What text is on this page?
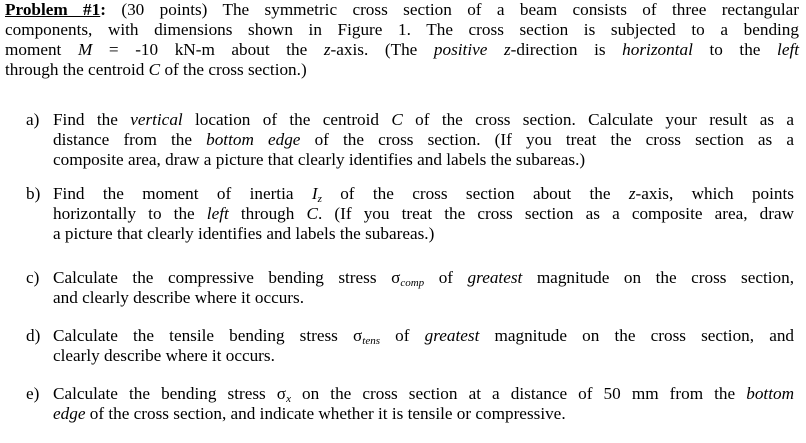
Problem #1: (30 points) The symmetric cross section of a beam consists of three rectangular
components, with dimensions shown in Figure 1. The cross section is subjected to a bending
moment M = -10 kN-m about the z-axis. (The positive z-direction is horizontal to the left
through the centroid C of the cross section.)
a) Find the vertical location of the centroid C of the cross section. Calculate your result as a
distance from the bottom edge of the cross section. (If you treat the cross section as a
composite area, draw a picture that clearly identifies and labels the subareas.)
b) Find the moment of inertia Iz of the cross section about the z-axis, which points
horizontally to the left through C. (If you treat the cross section as a composite area, draw
a picture that clearly identifies and labels the subareas.)
c) Calculate the compressive bending stress σcomp of greatest magnitude on the cross section,
and clearly describe where it occurs.
d) Calculate the tensile bending stress σtens of greatest magnitude on the cross section, and
clearly describe where it occurs.
e) Calculate the bending stress σx on the cross section at a distance of 50 mm from the bottom
edge of the cross section, and indicate whether it is tensile or compressive.
